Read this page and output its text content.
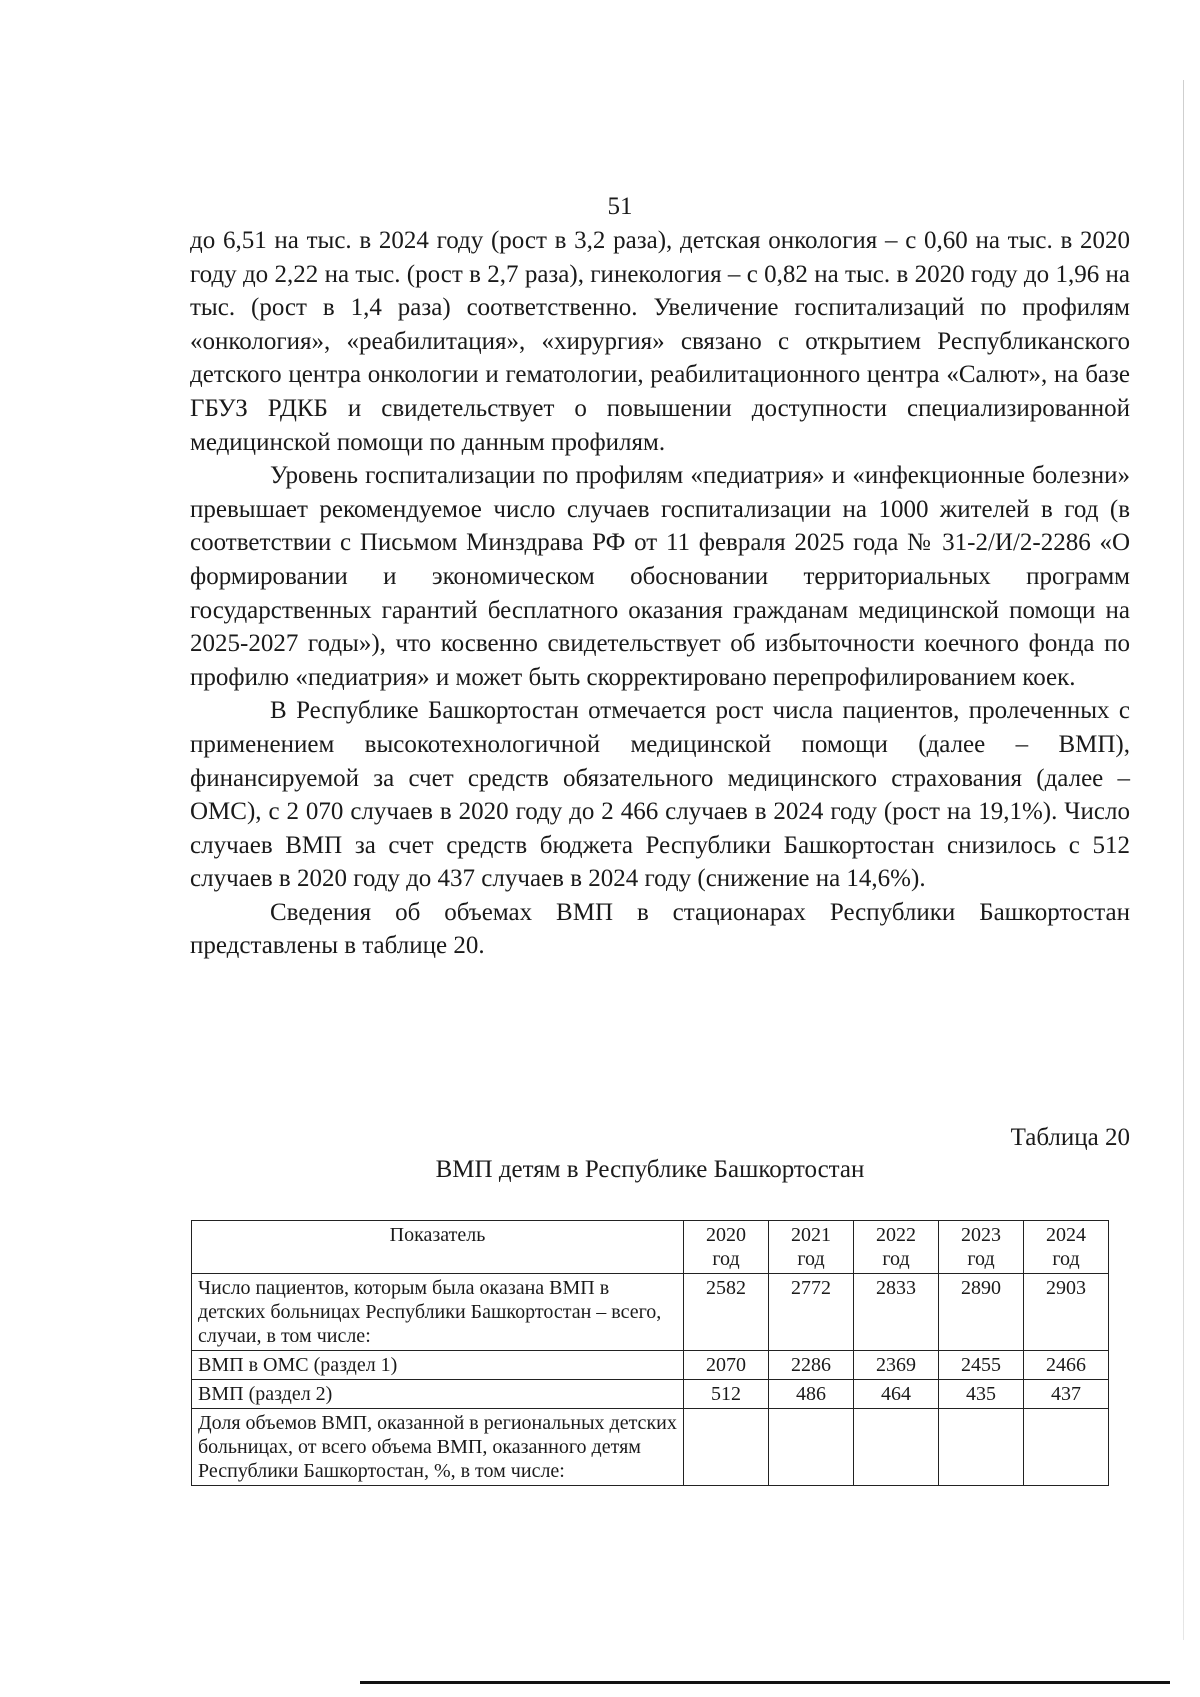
51

до 6,51 на тыс. в 2024 году (рост в 3,2 раза), детская онкология – с 0,60 на тыс. в 2020 году до 2,22 на тыс. (рост в 2,7 раза), гинекология – с 0,82 на тыс. в 2020 году до 1,96 на тыс. (рост в 1,4 раза) соответственно. Увеличение госпитализаций по профилям «онкология», «реабилитация», «хирургия» связано с открытием Республиканского детского центра онкологии и гематологии, реабилитационного центра «Салют», на базе ГБУЗ РДКБ и свидетельствует о повышении доступности специализированной медицинской помощи по данным профилям.

Уровень госпитализации по профилям «педиатрия» и «инфекционные болезни» превышает рекомендуемое число случаев госпитализации на 1000 жителей в год (в соответствии с Письмом Минздрава РФ от 11 февраля 2025 года № 31-2/И/2-2286 «О формировании и экономическом обосновании территориальных программ государственных гарантий бесплатного оказания гражданам медицинской помощи на 2025-2027 годы»), что косвенно свидетельствует об избыточности коечного фонда по профилю «педиатрия» и может быть скорректировано перепрофилированием коек.

В Республике Башкортостан отмечается рост числа пациентов, пролеченных с применением высокотехнологичной медицинской помощи (далее – ВМП), финансируемой за счет средств обязательного медицинского страхования (далее – ОМС), с 2 070 случаев в 2020 году до 2 466 случаев в 2024 году (рост на 19,1%). Число случаев ВМП за счет средств бюджета Республики Башкортостан снизилось с 512 случаев в 2020 году до 437 случаев в 2024 году (снижение на 14,6%).

Сведения об объемах ВМП в стационарах Республики Башкортостан представлены в таблице 20.

Таблица 20
ВМП детям в Республике Башкортостан
Показатель	2020 год	2021 год	2022 год	2023 год	2024 год
Число пациентов, которым была оказана ВМП в детских больницах Республики Башкортостан – всего, случаи, в том числе:	2582	2772	2833	2890	2903
ВМП в ОМС (раздел 1)	2070	2286	2369	2455	2466
ВМП (раздел 2)	512	486	464	435	437
Доля объемов ВМП, оказанной в региональных детских больницах, от всего объема ВМП, оказанного детям Республики Башкортостан, %, в том числе:					
